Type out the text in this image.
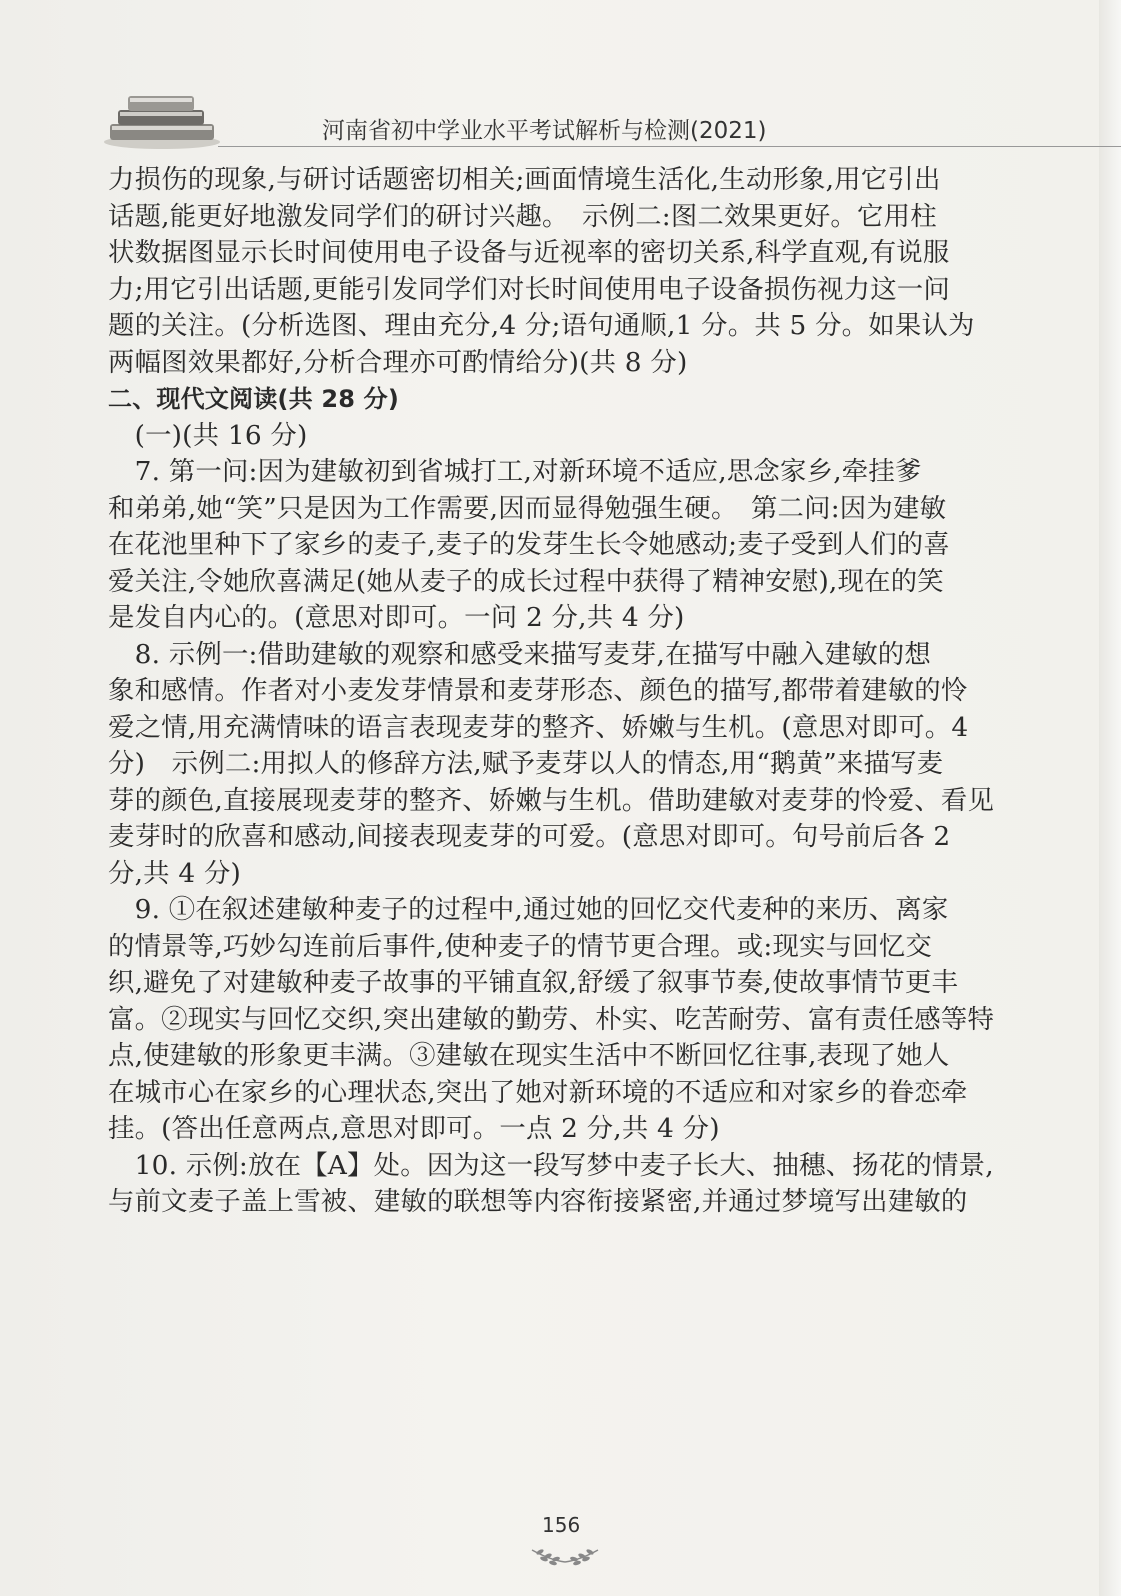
河南省初中学业水平考试解析与检测(2021)

力损伤的现象,与研讨话题密切相关;画面情境生活化,生动形象,用它引出

话题,能更好地激发同学们的研讨兴趣。　示例二:图二效果更好。它用柱

状数据图显示长时间使用电子设备与近视率的密切关系,科学直观,有说服

力;用它引出话题,更能引发同学们对长时间使用电子设备损伤视力这一问

题的关注。(分析选图、理由充分,4 分;语句通顺,1 分。共 5 分。如果认为

两幅图效果都好,分析合理亦可酌情给分)(共 8 分)

二、现代文阅读(共 28 分)

　(一)(共 16 分)

　7. 第一问:因为建敏初到省城打工,对新环境不适应,思念家乡,牵挂爹

和弟弟,她“笑”只是因为工作需要,因而显得勉强生硬。　第二问:因为建敏

在花池里种下了家乡的麦子,麦子的发芽生长令她感动;麦子受到人们的喜

爱关注,令她欣喜满足(她从麦子的成长过程中获得了精神安慰),现在的笑

是发自内心的。(意思对即可。一问 2 分,共 4 分)

　8. 示例一:借助建敏的观察和感受来描写麦芽,在描写中融入建敏的想

象和感情。作者对小麦发芽情景和麦芽形态、颜色的描写,都带着建敏的怜

爱之情,用充满情味的语言表现麦芽的整齐、娇嫩与生机。(意思对即可。4

分)　示例二:用拟人的修辞方法,赋予麦芽以人的情态,用“鹅黄”来描写麦

芽的颜色,直接展现麦芽的整齐、娇嫩与生机。借助建敏对麦芽的怜爱、看见

麦芽时的欣喜和感动,间接表现麦芽的可爱。(意思对即可。句号前后各 2

分,共 4 分)

　9. ①在叙述建敏种麦子的过程中,通过她的回忆交代麦种的来历、离家

的情景等,巧妙勾连前后事件,使种麦子的情节更合理。或:现实与回忆交

织,避免了对建敏种麦子故事的平铺直叙,舒缓了叙事节奏,使故事情节更丰

富。②现实与回忆交织,突出建敏的勤劳、朴实、吃苦耐劳、富有责任感等特

点,使建敏的形象更丰满。③建敏在现实生活中不断回忆往事,表现了她人

在城市心在家乡的心理状态,突出了她对新环境的不适应和对家乡的眷恋牵

挂。(答出任意两点,意思对即可。一点 2 分,共 4 分)

　10. 示例:放在【A】处。因为这一段写梦中麦子长大、抽穗、扬花的情景,

与前文麦子盖上雪被、建敏的联想等内容衔接紧密,并通过梦境写出建敏的

156
